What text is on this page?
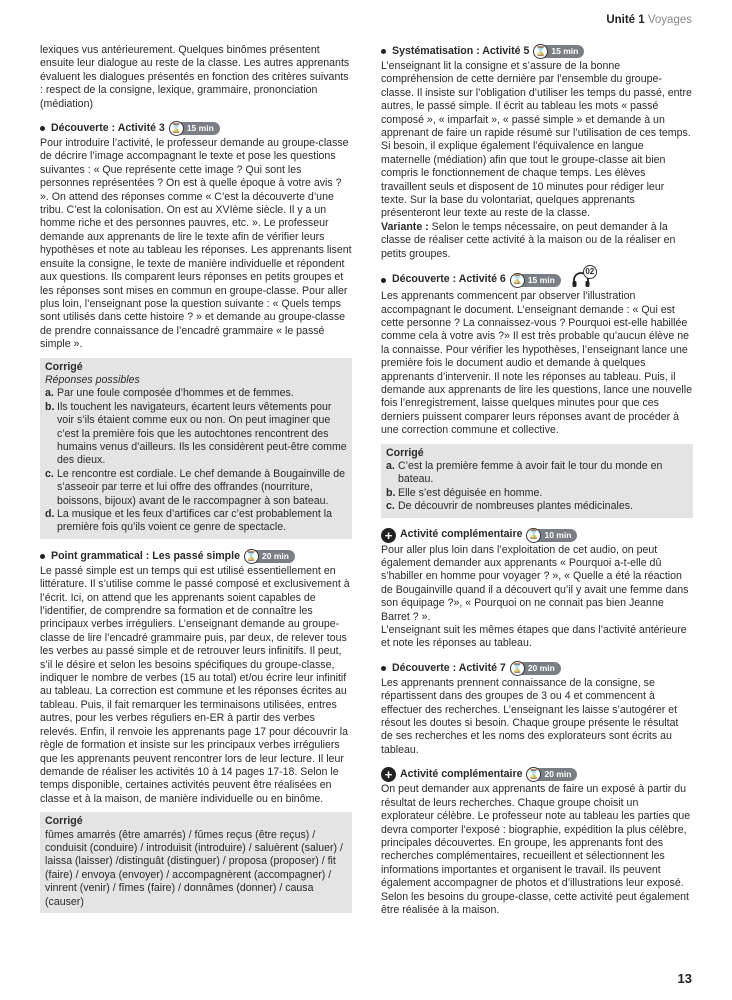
Unité 1 Voyages

lexiques vus antérieurement. Quelques binômes présentent ensuite leur dialogue au reste de la classe. Les autres apprenants évaluent les dialogues présentés en fonction des critères suivants : respect de la consigne, lexique, grammaire, prononciation (médiation)

Découverte : Activité 3 ⌛ 15 min

Pour introduire l’activité, le professeur demande au groupe-classe de décrire l’image accompagnant le texte et pose les questions suivantes : « Que représente cette image ? Qui sont les personnes représentées ? On est à quelle époque à votre avis ? ». On attend des réponses comme « C’est la découverte d’une tribu. C’est la colonisation. On est au XVIème siècle. Il y a un homme riche et des personnes pauvres, etc. ». Le professeur demande aux apprenants de lire le texte afin de vérifier leurs hypothèses et note au tableau les réponses. Les apprenants lisent ensuite la consigne, le texte de manière individuelle et répondent aux questions. Ils comparent leurs réponses en petits groupes et les réponses sont mises en commun en groupe-classe. Pour aller plus loin, l’enseignant pose la question suivante : « Quels temps sont utilisés dans cette histoire ? » et demande au groupe-classe de prendre connaissance de l’encadré grammaire « le passé simple ».

Corrigé
Réponses possibles
a. Par une foule composée d’hommes et de femmes.
b. Ils touchent les navigateurs, écartent leurs vêtements pour voir s’ils étaient comme eux ou non. On peut imaginer que c’est la première fois que les autochtones rencontrent des humains venus d’ailleurs. Ils les considèrent peut-être comme des dieux.
c. Le rencontre est cordiale. Le chef demande à Bougainville de s’asseoir par terre et lui offre des offrandes (nourriture, boissons, bijoux) avant de le raccompagner à son bateau.
d. La musique et les feux d’artifices car c’est probablement la première fois qu’ils voient ce genre de spectacle.
Point grammatical : Les passé simple ⌛ 20 min

Le passé simple est un temps qui est utilisé essentiellement en littérature. Il s’utilise comme le passé composé et exclusivement à l’écrit. Ici, on attend que les apprenants soient capables de l’identifier, de comprendre sa formation et de connaître les principaux verbes irréguliers. L’enseignant demande au groupe-classe de lire l’encadré grammaire puis, par deux, de relever tous les verbes au passé simple et de retrouver leurs infinitifs. Il peut, s’il le désire et selon les besoins spécifiques du groupe-classe, indiquer le nombre de verbes (15 au total) et/ou écrire leur infinitif au tableau. La correction est commune et les réponses écrites au tableau. Puis, il fait remarquer les terminaisons utilisées, entres autres, pour les verbes réguliers en-ER à partir des verbes relevés. Enfin, il renvoie les apprenants page 17 pour découvrir la règle de formation et insiste sur les principaux verbes irréguliers que les apprenants peuvent rencontrer lors de leur lecture. Il leur demande de réaliser les activités 10 à 14 pages 17-18. Selon le temps disponible, certaines activités peuvent être réalisées en classe et à la maison, de manière individuelle ou en binôme.

Corrigé
fûmes amarrés (être amarrés) / fûmes reçus (être reçus) / conduisit (conduire) / introduisit (introduire) / saluèrent (saluer) / laissa (laisser) /distinguât (distinguer) / proposa (proposer) / fit (faire) / envoya (envoyer) / accompagnèrent (accompagner) / vinrent (venir) / fîmes (faire) / donnâmes (donner) / causa (causer)
Systématisation : Activité 5 ⌛ 15 min

L’enseignant lit la consigne et s’assure de la bonne compréhension de cette dernière par l’ensemble du groupe-classe. Il insiste sur l’obligation d’utiliser les temps du passé, entre autres, le passé simple. Il écrit au tableau les mots « passé composé », « imparfait », « passé simple » et demande à un apprenant de faire un rapide résumé sur l’utilisation de ces temps. Si besoin, il explique également l’équivalence en langue maternelle (médiation) afin que tout le groupe-classe ait bien compris le fonctionnement de chaque temps. Les élèves travaillent seuls et disposent de 10 minutes pour rédiger leur texte. Sur la base du volontariat, quelques apprenants présenteront leur texte au reste de la classe.

Variante : Selon le temps nécessaire, on peut demander à la classe de réaliser cette activité à la maison ou de la réaliser en petits groupes.

Découverte : Activité 6 ⌛ 15 min
02

Les apprenants commencent par observer l’illustration accompagnant le document. L’enseignant demande : « Qui est cette personne ? La connaissez-vous ? Pourquoi est-elle habillée comme cela à votre avis ?» Il est très probable qu’aucun élève ne la connaisse. Pour vérifier les hypothèses, l’enseignant lance une première fois le document audio et demande à quelques apprenants d’intervenir. Il note les réponses au tableau. Puis, il demande aux apprenants de lire les questions, lance une nouvelle fois l’enregistrement, laisse quelques minutes pour que ces derniers puissent comparer leurs réponses avant de procéder à une correction commune et collective.

Corrigé
a. C’est la première femme à avoir fait le tour du monde en bateau.
b. Elle s’est déguisée en homme.
c. De découvrir de nombreuses plantes médicinales.
+ Activité complémentaire ⌛ 10 min

Pour aller plus loin dans l’exploitation de cet audio, on peut également demander aux apprenants « Pourquoi a-t-elle dû s’habiller en homme pour voyager ? », « Quelle a été la réaction de Bougainville quand il a découvert qu’il y avait une femme dans son équipage ?», « Pourquoi on ne connait pas bien Jeanne Barret ? ».

L’enseignant suit les mêmes étapes que dans l’activité antérieure et note les réponses au tableau.

Découverte : Activité 7 ⌛ 20 min

Les apprenants prennent connaissance de la consigne, se répartissent dans des groupes de 3 ou 4 et commencent à effectuer des recherches. L’enseignant les laisse s’autogérer et résout les doutes si besoin. Chaque groupe présente le résultat de ses recherches et les noms des explorateurs sont écrits au tableau.

+ Activité complémentaire ⌛ 20 min

On peut demander aux apprenants de faire un exposé à partir du résultat de leurs recherches. Chaque groupe choisit un explorateur célèbre. Le professeur note au tableau les parties que devra comporter l’exposé : biographie, expédition la plus célèbre, principales découvertes. En groupe, les apprenants font des recherches complémentaires, recueillent et sélectionnent les informations importantes et organisent le travail. Ils peuvent également accompagner de photos et d’illustrations leur exposé. Selon les besoins du groupe-classe, cette activité peut également être réalisée à la maison.

13
